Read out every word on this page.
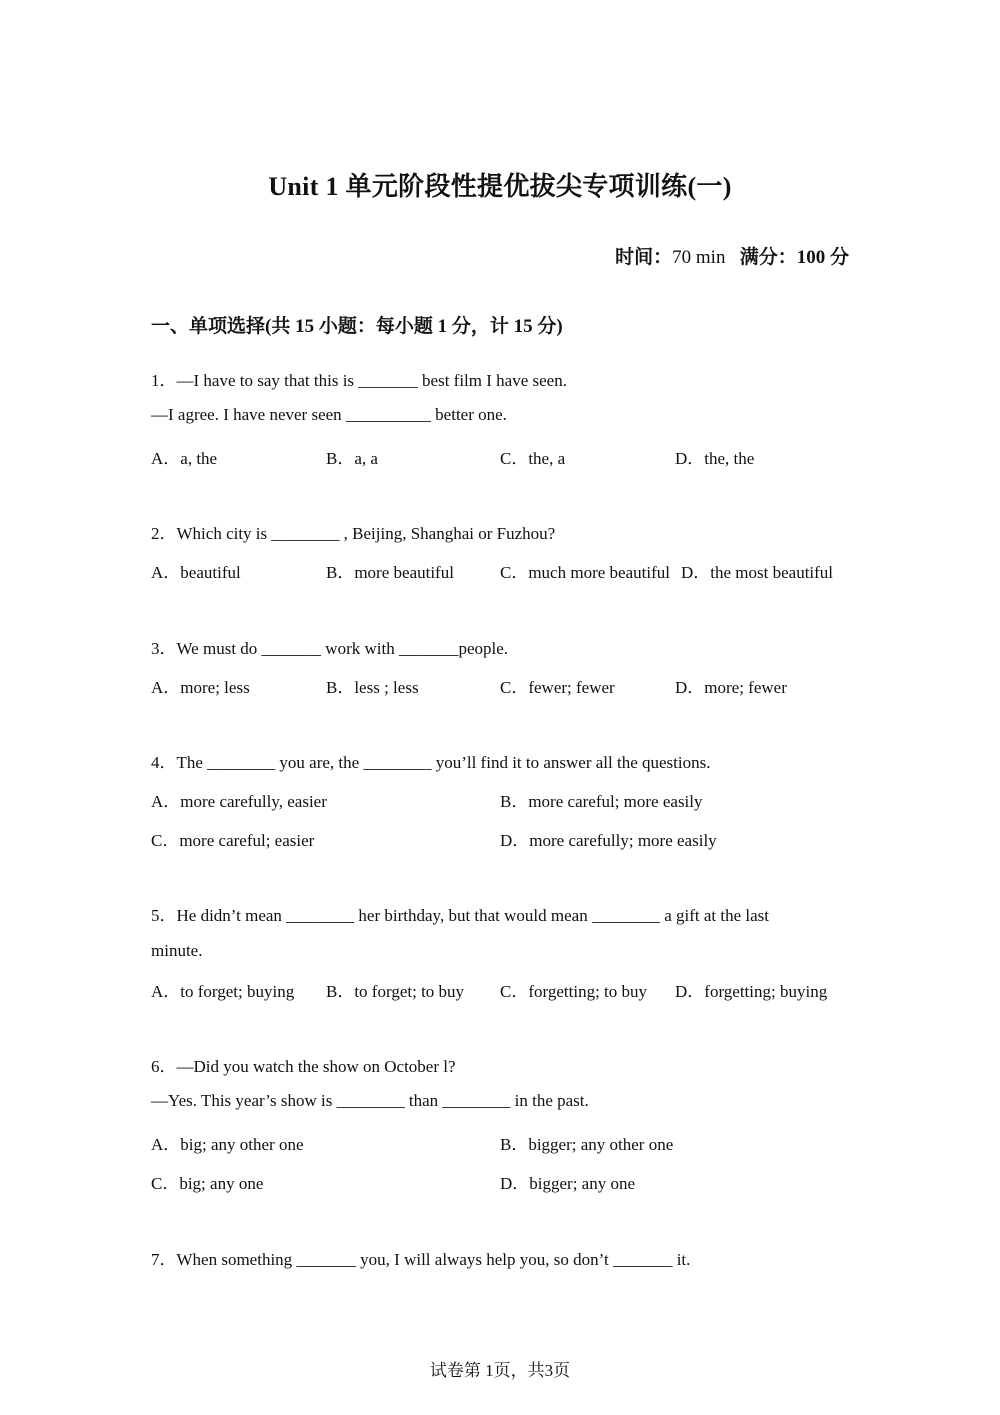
Unit 1 单元阶段性提优拔尖专项训练(一)
时间：70 min 满分：100 分
一、单项选择(共 15 小题：每小题 1 分，计 15 分)
1．—I have to say that this is _______ best film I have seen.
—I agree. I have never seen __________ better one.
A．a, the	B．a, a	C．the, a	D．the, the
2．Which city is ________ , Beijing, Shanghai or Fuzhou?
A．beautiful	B．more beautiful	C．much more beautiful D．the most beautiful
3．We must do _______ work with _______people.
A．more; less	B．less ; less	C．fewer; fewer	D．more; fewer
4．The ________ you are, the ________ you’ll find it to answer all the questions.
A．more carefully, easier	B．more careful; more easily
C．more careful; easier	D．more carefully; more easily
5．He didn’t mean ________ her birthday, but that would mean ________ a gift at the last
minute.
A．to forget; buying B．to forget; to buy C．forgetting; to buy D．forgetting; buying
6．—Did you watch the show on October l?
—Yes. This year’s show is ________ than ________ in the past.
A．big; any other one	B．bigger; any other one
C．big; any one	D．bigger; any one
7．When something _______ you, I will always help you, so don’t _______ it.
试卷第 1页，共3页
